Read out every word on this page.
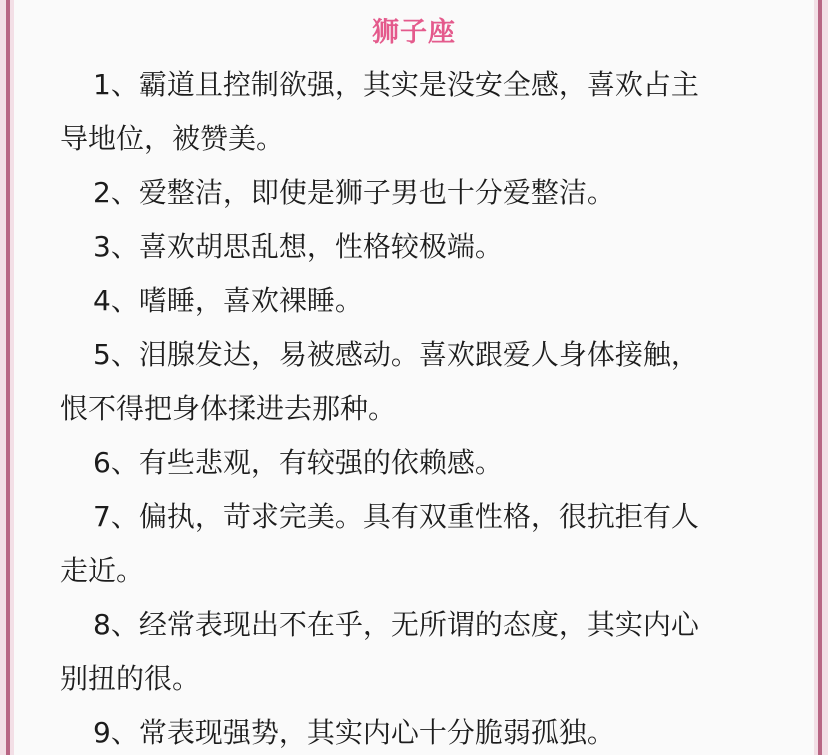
狮子座

1、霸道且控制欲强，其实是没安全感，喜欢占主
导地位，被赞美。

2、爱整洁，即使是狮子男也十分爱整洁。

3、喜欢胡思乱想，性格较极端。

4、嗜睡，喜欢裸睡。

5、泪腺发达，易被感动。喜欢跟爱人身体接触，
恨不得把身体揉进去那种。

6、有些悲观，有较强的依赖感。

7、偏执，苛求完美。具有双重性格，很抗拒有人
走近。

8、经常表现出不在乎，无所谓的态度，其实内心
别扭的很。

9、常表现强势，其实内心十分脆弱孤独。
